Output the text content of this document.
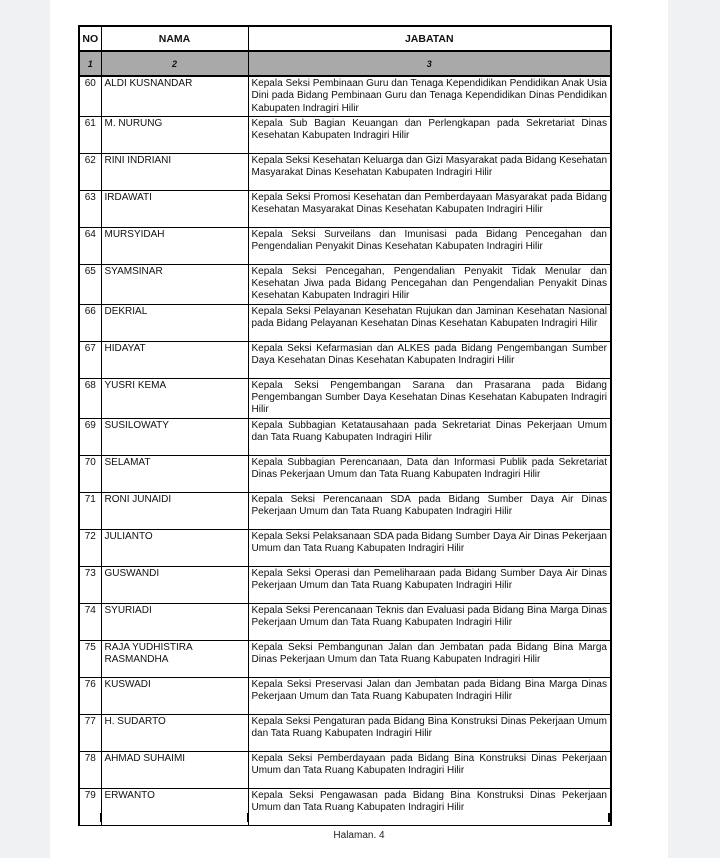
NO	NAMA	JABATAN
1	2	3
60	ALDI KUSNANDAR	Kepala Seksi Pembinaan Guru dan Tenaga Kependidikan Pendidikan Anak Usia Dini pada Bidang Pembinaan Guru dan Tenaga Kependidikan Dinas Pendidikan Kabupaten Indragiri Hilir
61	M. NURUNG	Kepala Sub Bagian Keuangan dan Perlengkapan pada Sekretariat Dinas Kesehatan Kabupaten Indragiri Hilir
62	RINI INDRIANI	Kepala Seksi Kesehatan Keluarga dan Gizi Masyarakat pada Bidang Kesehatan Masyarakat Dinas Kesehatan Kabupaten Indragiri Hilir
63	IRDAWATI	Kepala Seksi Promosi Kesehatan dan Pemberdayaan Masyarakat pada Bidang Kesehatan Masyarakat Dinas Kesehatan Kabupaten Indragiri Hilir
64	MURSYIDAH	Kepala Seksi Surveilans dan Imunisasi pada Bidang Pencegahan dan Pengendalian Penyakit Dinas Kesehatan Kabupaten Indragiri Hilir
65	SYAMSINAR	Kepala Seksi Pencegahan, Pengendalian Penyakit Tidak Menular dan Kesehatan Jiwa pada Bidang Pencegahan dan Pengendalian Penyakit Dinas Kesehatan Kabupaten Indragiri Hilir
66	DEKRIAL	Kepala Seksi Pelayanan Kesehatan Rujukan dan Jaminan Kesehatan Nasional pada Bidang Pelayanan Kesehatan Dinas Kesehatan Kabupaten Indragiri Hilir
67	HIDAYAT	Kepala Seksi Kefarmasian dan ALKES pada Bidang Pengembangan Sumber Daya Kesehatan Dinas Kesehatan Kabupaten Indragiri Hilir
68	YUSRI KEMA	Kepala Seksi Pengembangan Sarana dan Prasarana pada Bidang Pengembangan Sumber Daya Kesehatan Dinas Kesehatan Kabupaten Indragiri Hilir
69	SUSILOWATY	Kepala Subbagian Ketatausahaan pada Sekretariat Dinas Pekerjaan Umum dan Tata Ruang Kabupaten Indragiri Hilir
70	SELAMAT	Kepala Subbagian Perencanaan, Data dan Informasi Publik pada Sekretariat Dinas Pekerjaan Umum dan Tata Ruang Kabupaten Indragiri Hilir
71	RONI JUNAIDI	Kepala Seksi Perencanaan SDA pada Bidang Sumber Daya Air Dinas Pekerjaan Umum dan Tata Ruang Kabupaten Indragiri Hilir
72	JULIANTO	Kepala Seksi Pelaksanaan SDA pada Bidang Sumber Daya Air Dinas Pekerjaan Umum dan Tata Ruang Kabupaten Indragiri Hilir
73	GUSWANDI	Kepala Seksi Operasi dan Pemeliharaan pada Bidang Sumber Daya Air Dinas Pekerjaan Umum dan Tata Ruang Kabupaten Indragiri Hilir
74	SYURIADI	Kepala Seksi Perencanaan Teknis dan Evaluasi pada Bidang Bina Marga Dinas Pekerjaan Umum dan Tata Ruang Kabupaten Indragiri Hilir
75	RAJA YUDHISTIRA RASMANDHA	Kepala Seksi Pembangunan Jalan dan Jembatan pada Bidang Bina Marga Dinas Pekerjaan Umum dan Tata Ruang Kabupaten Indragiri Hilir
76	KUSWADI	Kepala Seksi Preservasi Jalan dan Jembatan pada Bidang Bina Marga Dinas Pekerjaan Umum dan Tata Ruang Kabupaten Indragiri Hilir
77	H. SUDARTO	Kepala Seksi Pengaturan pada Bidang Bina Konstruksi Dinas Pekerjaan Umum dan Tata Ruang Kabupaten Indragiri Hilir
78	AHMAD SUHAIMI	Kepala Seksi Pemberdayaan pada Bidang Bina Konstruksi Dinas Pekerjaan Umum dan Tata Ruang Kabupaten Indragiri Hilir
79	ERWANTO	Kepala Seksi Pengawasan pada Bidang Bina Konstruksi Dinas Pekerjaan Umum dan Tata Ruang Kabupaten Indragiri Hilir
Halaman. 4
